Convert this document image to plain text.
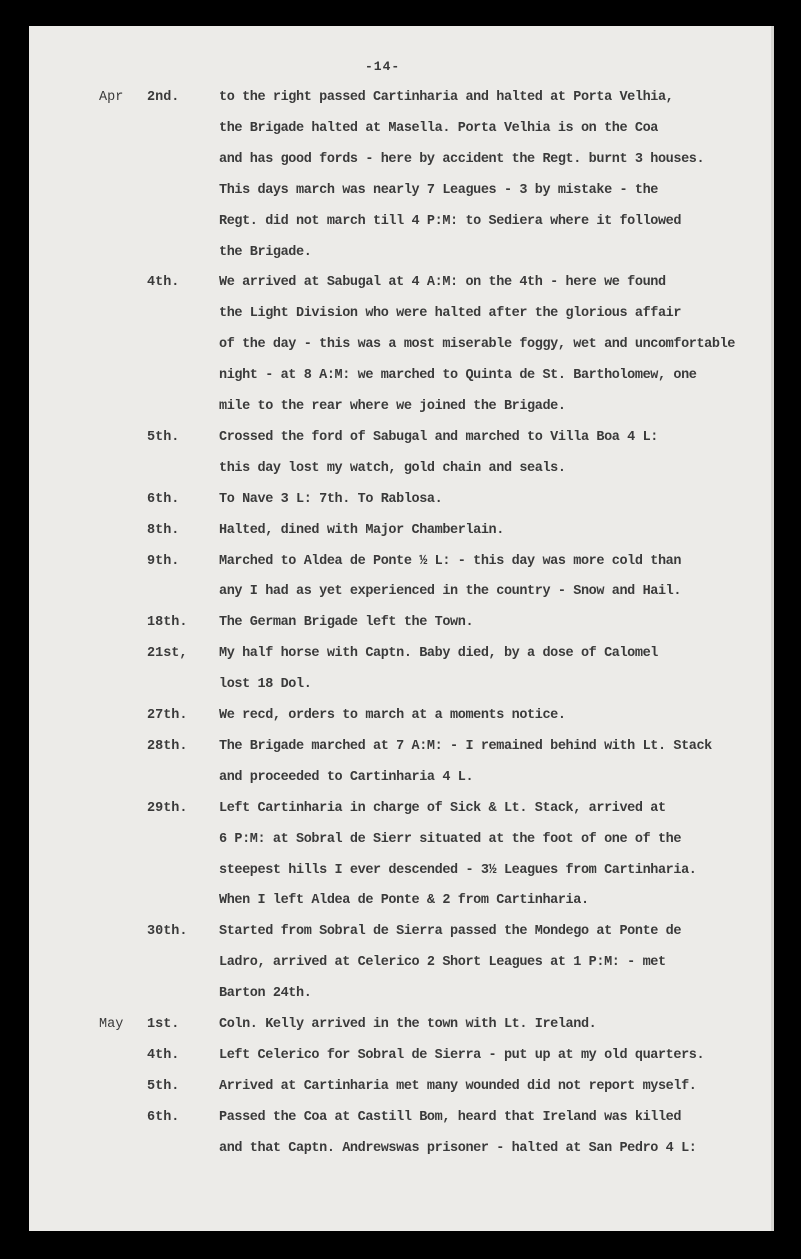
-14-
Apr 2nd.	to the right passed Cartinharia and halted at Porta Velhia,
the Brigade halted at Masella. Porta Velhia is on the Coa
and has good fords - here by accident the Regt. burnt 3 houses.
This days march was nearly 7 Leagues - 3 by mistake - the
Regt. did not march till 4 P:M: to Sediera where it followed
the Brigade.
4th.	We arrived at Sabugal at 4 A:M: on the 4th - here we found
the Light Division who were halted after the glorious affair
of the day - this was a most miserable foggy, wet and uncomfortable
night - at 8 A:M: we marched to Quinta de St. Bartholomew, one
mile to the rear where we joined the Brigade.
5th.	Crossed the ford of Sabugal and marched to Villa Boa 4 L:
this day lost my watch, gold chain and seals.
6th.	To Nave 3 L: 7th. To Rablosa.
8th.	Halted, dined with Major Chamberlain.
9th.	Marched to Aldea de Ponte ½ L: - this day was more cold than
any I had as yet experienced in the country - Snow and Hail.
18th. The German Brigade left the Town.
21st, My half horse with Captn. Baby died, by a dose of Calomel
lost 18 Dol.
27th. We recd, orders to march at a moments notice.
28th. The Brigade marched at 7 A:M: - I remained behind with Lt. Stack
and proceeded to Cartinharia 4 L.
29th. Left Cartinharia in charge of Sick & Lt. Stack, arrived at
6 P:M: at Sobral de Sierr situated at the foot of one of the
steepest hills I ever descended - 3½ Leagues from Cartinharia.
When I left Aldea de Ponte & 2 from Cartinharia.
30th. Started from Sobral de Sierra passed the Mondego at Ponte de
Ladro, arrived at Celerico 2 Short Leagues at 1 P:M: - met
Barton 24th.
May 1st.	Coln. Kelly arrived in the town with Lt. Ireland.
4th.	Left Celerico for Sobral de Sierra - put up at my old quarters.
5th.	Arrived at Cartinharia met many wounded did not report myself.
6th.	Passed the Coa at Castill Bom, heard that Ireland was killed
and that Captn. Andrewswas prisoner - halted at San Pedro 4 L:
